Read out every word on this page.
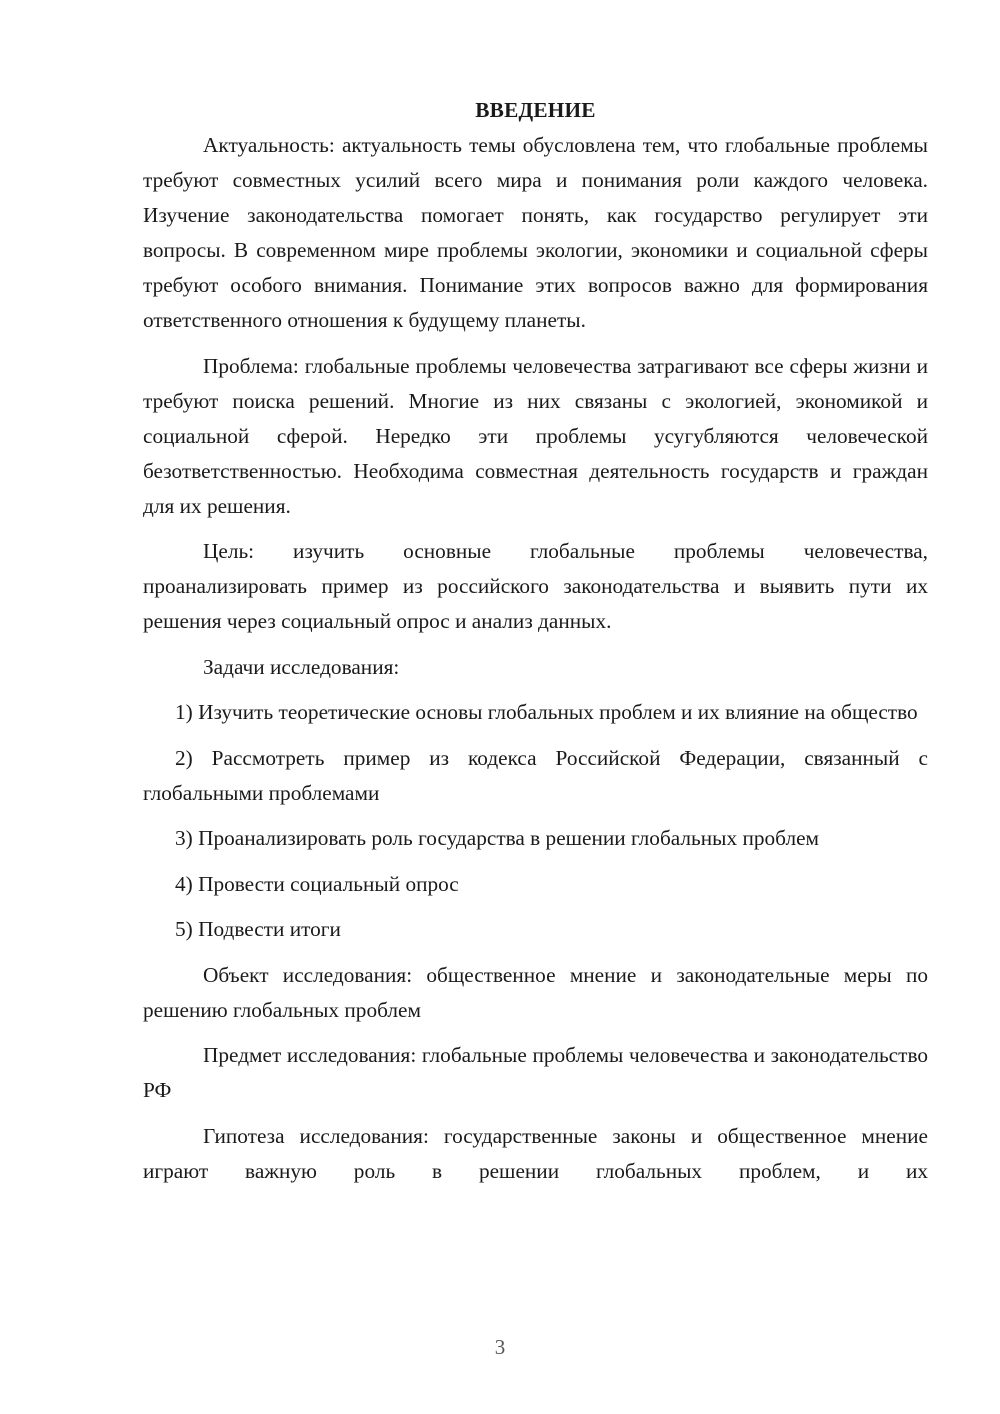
ВВЕДЕНИЕ

Актуальность: актуальность темы обусловлена тем, что глобальные проблемы требуют совместных усилий всего мира и понимания роли каждого человека. Изучение законодательства помогает понять, как государство регулирует эти вопросы. В современном мире проблемы экологии, экономики и социальной сферы требуют особого внимания. Понимание этих вопросов важно для формирования ответственного отношения к будущему планеты.

Проблема: глобальные проблемы человечества затрагивают все сферы жизни и требуют поиска решений. Многие из них связаны с экологией, экономикой и социальной сферой. Нередко эти проблемы усугубляются человеческой безответственностью. Необходима совместная деятельность государств и граждан для их решения.

Цель: изучить основные глобальные проблемы человечества, проанализировать пример из российского законодательства и выявить пути их решения через социальный опрос и анализ данных.

Задачи исследования:

1) Изучить теоретические основы глобальных проблем и их влияние на общество

2) Рассмотреть пример из кодекса Российской Федерации, связанный с глобальными проблемами

3) Проанализировать роль государства в решении глобальных проблем

4) Провести социальный опрос

5) Подвести итоги

Объект исследования: общественное мнение и законодательные меры по решению глобальных проблем

Предмет исследования: глобальные проблемы человечества и законодательство РФ

Гипотеза исследования: государственные законы и общественное мнение играют важную роль в решении глобальных проблем, и их

3
